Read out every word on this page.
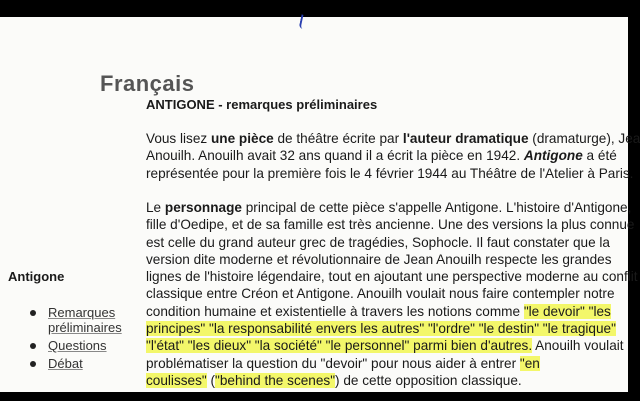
Français
ANTIGONE - remarques préliminaires

Vous lisez une pièce de théâtre écrite par l'auteur dramatique (dramaturge), Jea
Anouilh. Anouilh avait 32 ans quand il a écrit la pièce en 1942. Antigone a été
représentée pour la première fois le 4 février 1944 au Théâtre de l'Atelier à Paris.

Le personnage principal de cette pièce s'appelle Antigone. L'histoire d'Antigone,
fille d'Oedipe, et de sa famille est très ancienne. Une des versions la plus connue
est celle du grand auteur grec de tragédies, Sophocle. Il faut constater que la
version dite moderne et révolutionnaire de Jean Anouilh respecte les grandes
lignes de l'histoire légendaire, tout en ajoutant une perspective moderne au conflit
classique entre Créon et Antigone. Anouilh voulait nous faire contempler notre
condition humaine et existentielle à travers les notions comme "le devoir" "les
principes" "la responsabilité envers les autres" "l'ordre" "le destin" "le tragique"
"l'état" "les dieux" "la société" "le personnel" parmi bien d'autres. Anouilh voulait
problématiser la question du "devoir" pour nous aider à entrer "en
coulisses" ("behind the scenes") de cette opposition classique.

Antigone
Remarques préliminaires
Questions
Débat
